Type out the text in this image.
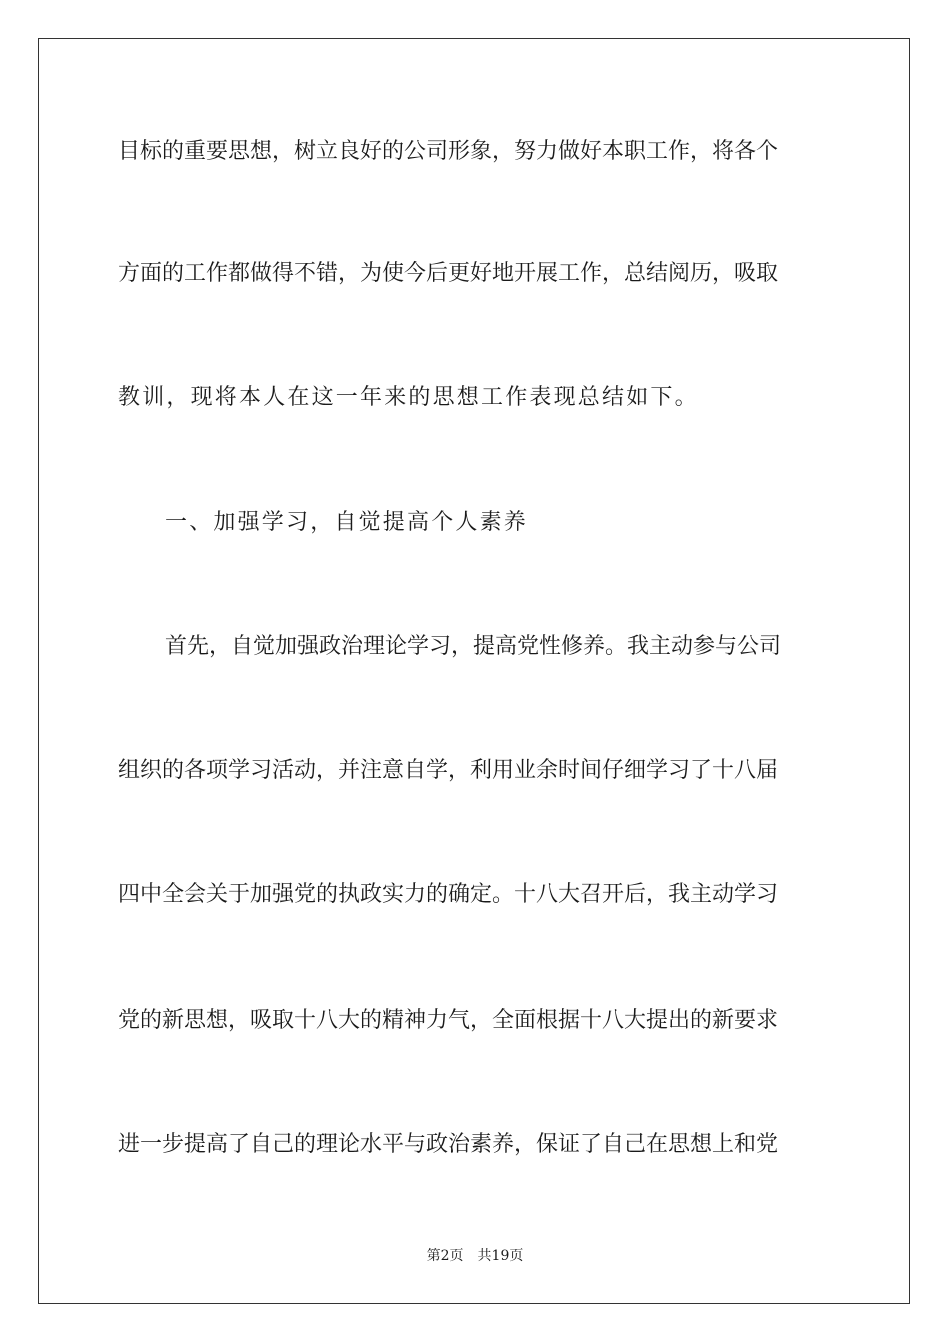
目标的重要思想，树立良好的公司形象，努力做好本职工作，将各个
方面的工作都做得不错，为使今后更好地开展工作，总结阅历，吸取
教训，现将本人在这一年来的思想工作表现总结如下。
一、加强学习，自觉提高个人素养
首先，自觉加强政治理论学习，提高党性修养。我主动参与公司
组织的各项学习活动，并注意自学，利用业余时间仔细学习了十八届
四中全会关于加强党的执政实力的确定。十八大召开后，我主动学习
党的新思想，吸取十八大的精神力气，全面根据十八大提出的新要求
进一步提高了自己的理论水平与政治素养，保证了自己在思想上和党
第2页 共19页
